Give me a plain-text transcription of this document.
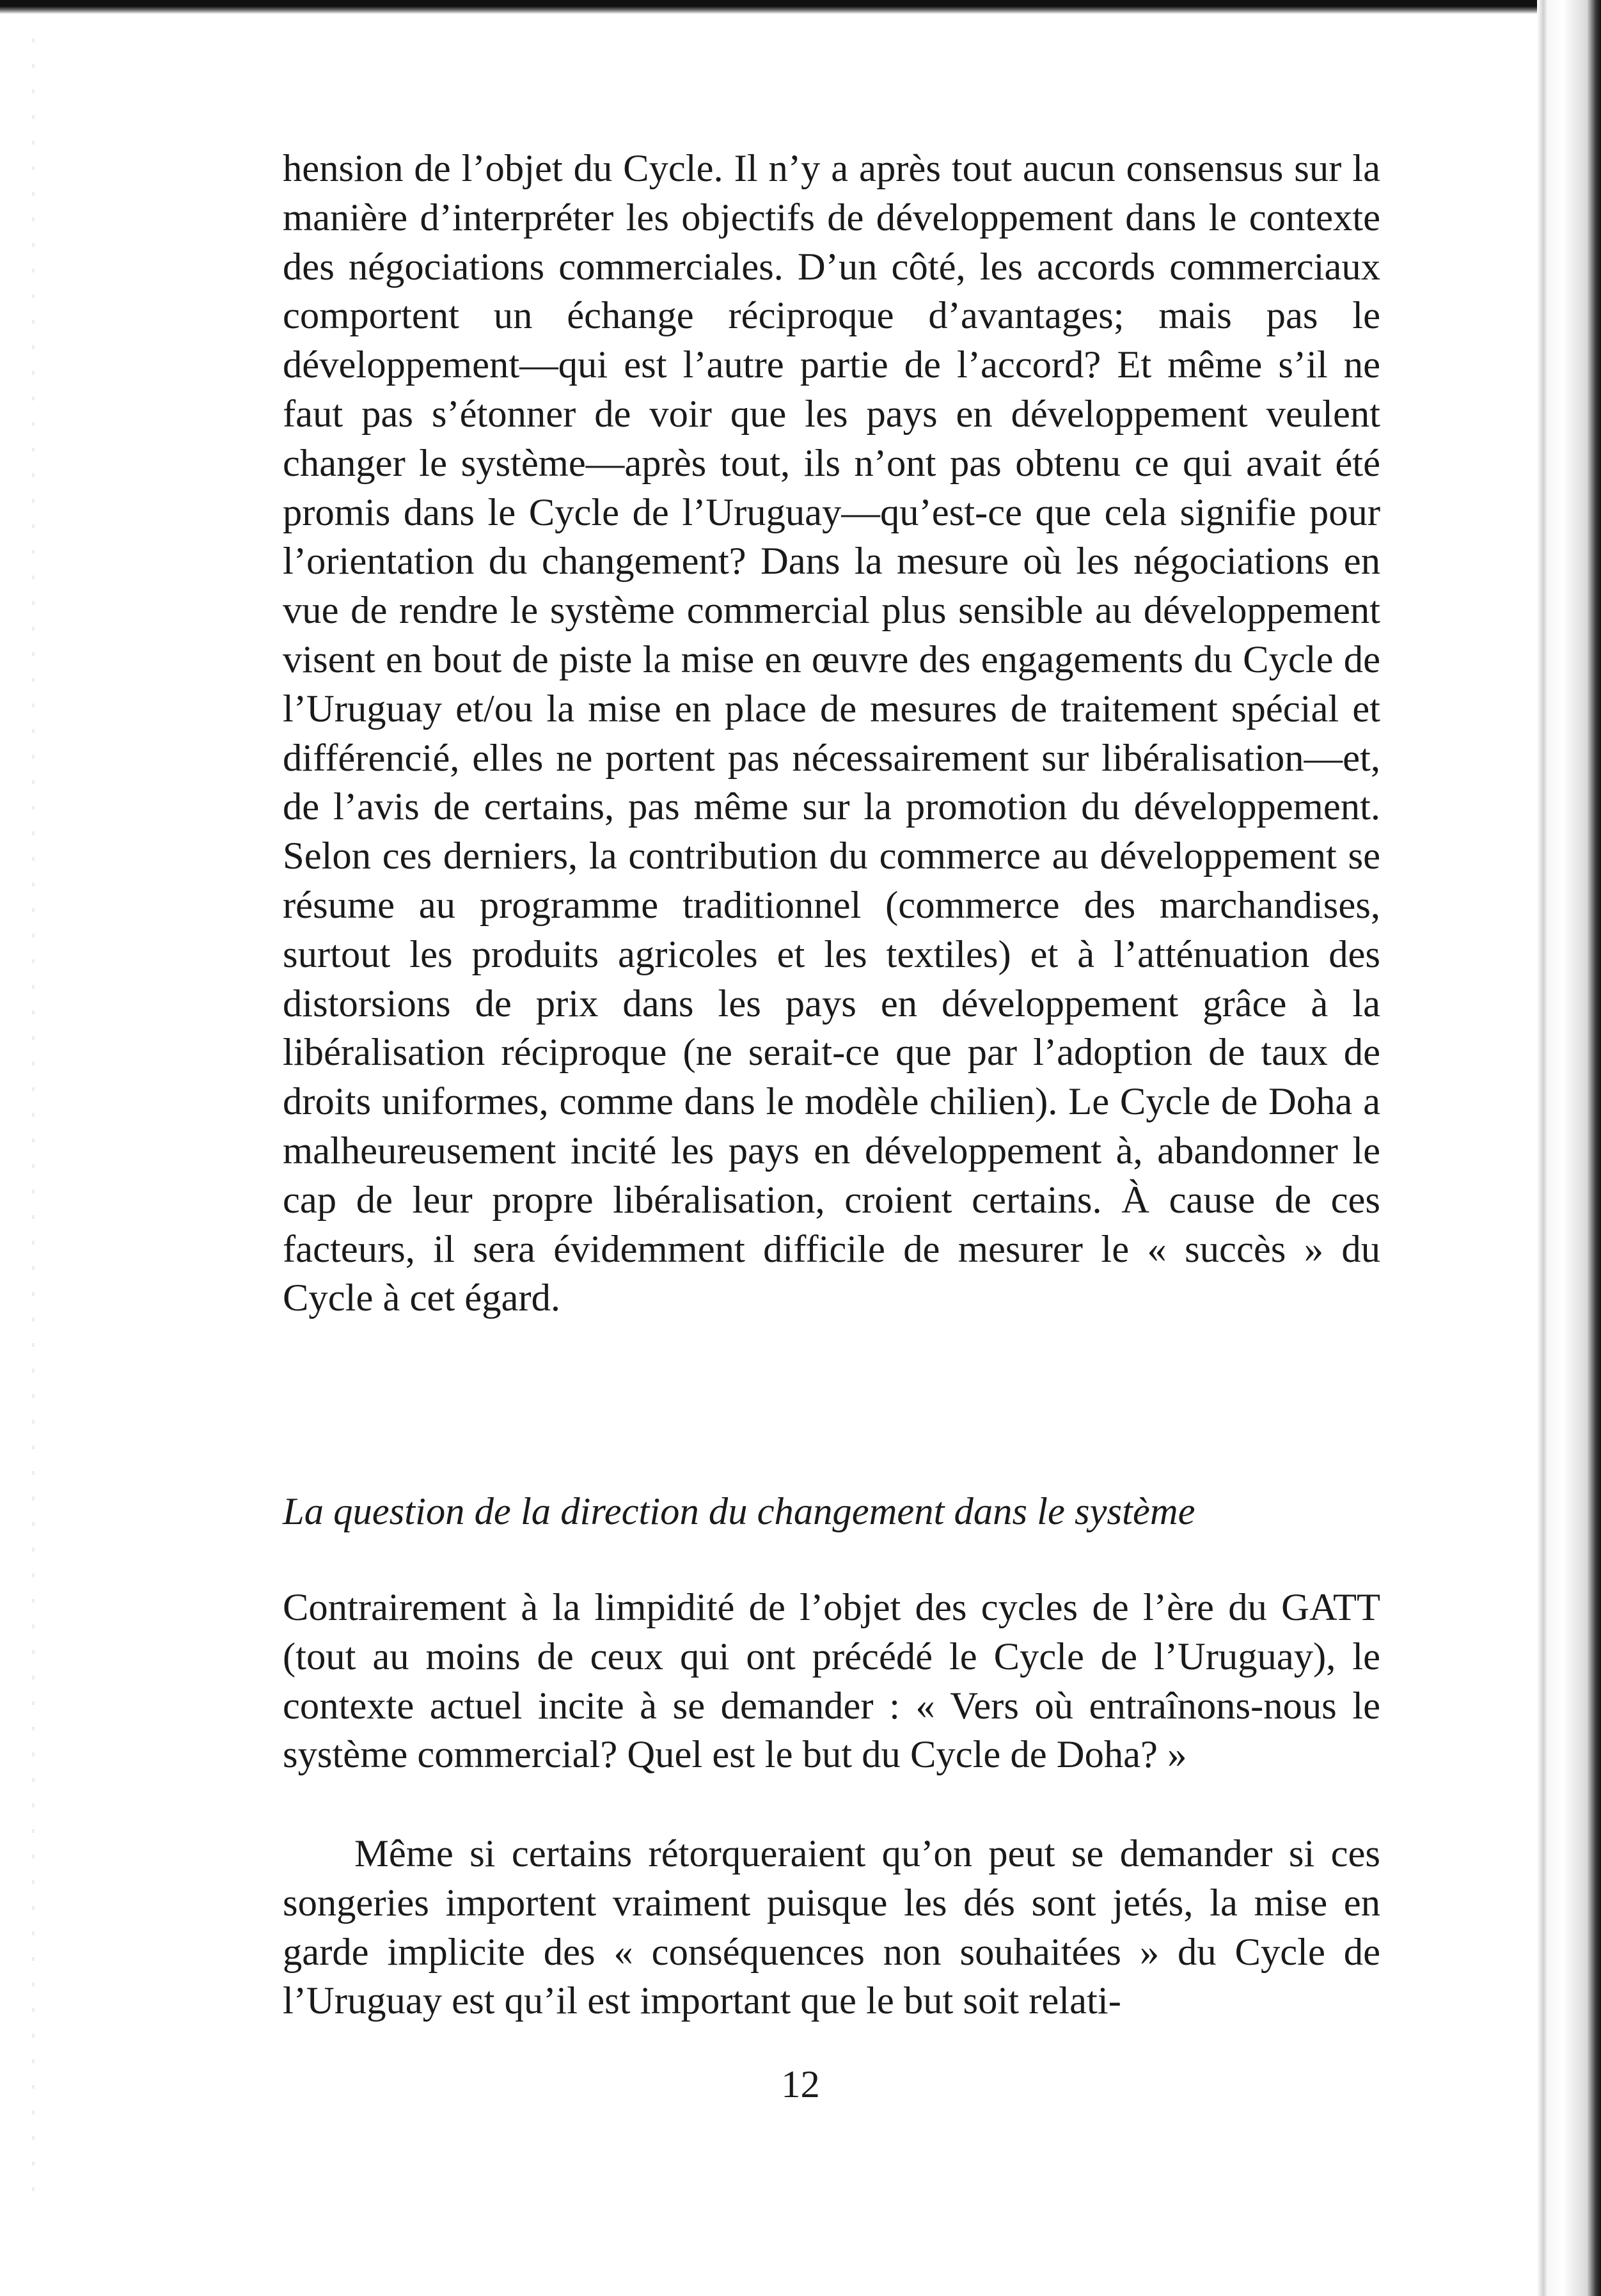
hension de l’objet du Cycle. Il n’y a après tout aucun consensus sur la manière d’interpréter les objectifs de développement dans le contexte des négociations commerciales. D’un côté, les accords commerciaux comportent un échange réciproque d’avantages; mais pas le développement—qui est l’autre partie de l’accord? Et même s’il ne faut pas s’étonner de voir que les pays en développement veulent changer le système—après tout, ils n’ont pas obtenu ce qui avait été promis dans le Cycle de l’Uruguay—qu’est-ce que cela signifie pour l’orientation du changement? Dans la mesure où les négociations en vue de rendre le système commercial plus sensible au développement visent en bout de piste la mise en œuvre des engagements du Cycle de l’Uruguay et/ou la mise en place de mesures de traitement spécial et différencié, elles ne portent pas nécessairement sur libéralisation—et, de l’avis de certains, pas même sur la promotion du développement. Selon ces derniers, la contribution du commerce au développement se résume au programme traditionnel (commerce des marchandises, surtout les produits agricoles et les textiles) et à l’atténuation des distorsions de prix dans les pays en développement grâce à la libéralisation réciproque (ne serait-ce que par l’adoption de taux de droits uniformes, comme dans le modèle chilien). Le Cycle de Doha a malheureusement incité les pays en développement à, abandonner le cap de leur propre libéralisation, croient certains. À cause de ces facteurs, il sera évidemment difficile de mesurer le « succès » du Cycle à cet égard.

La question de la direction du changement dans le système

Contrairement à la limpidité de l’objet des cycles de l’ère du GATT (tout au moins de ceux qui ont précédé le Cycle de l’Uruguay), le contexte actuel incite à se demander : « Vers où entraînons-nous le système commercial? Quel est le but du Cycle de Doha? »

Même si certains rétorqueraient qu’on peut se demander si ces songeries importent vraiment puisque les dés sont jetés, la mise en garde implicite des « conséquences non souhaitées » du Cycle de l’Uruguay est qu’il est important que le but soit relati-

12
